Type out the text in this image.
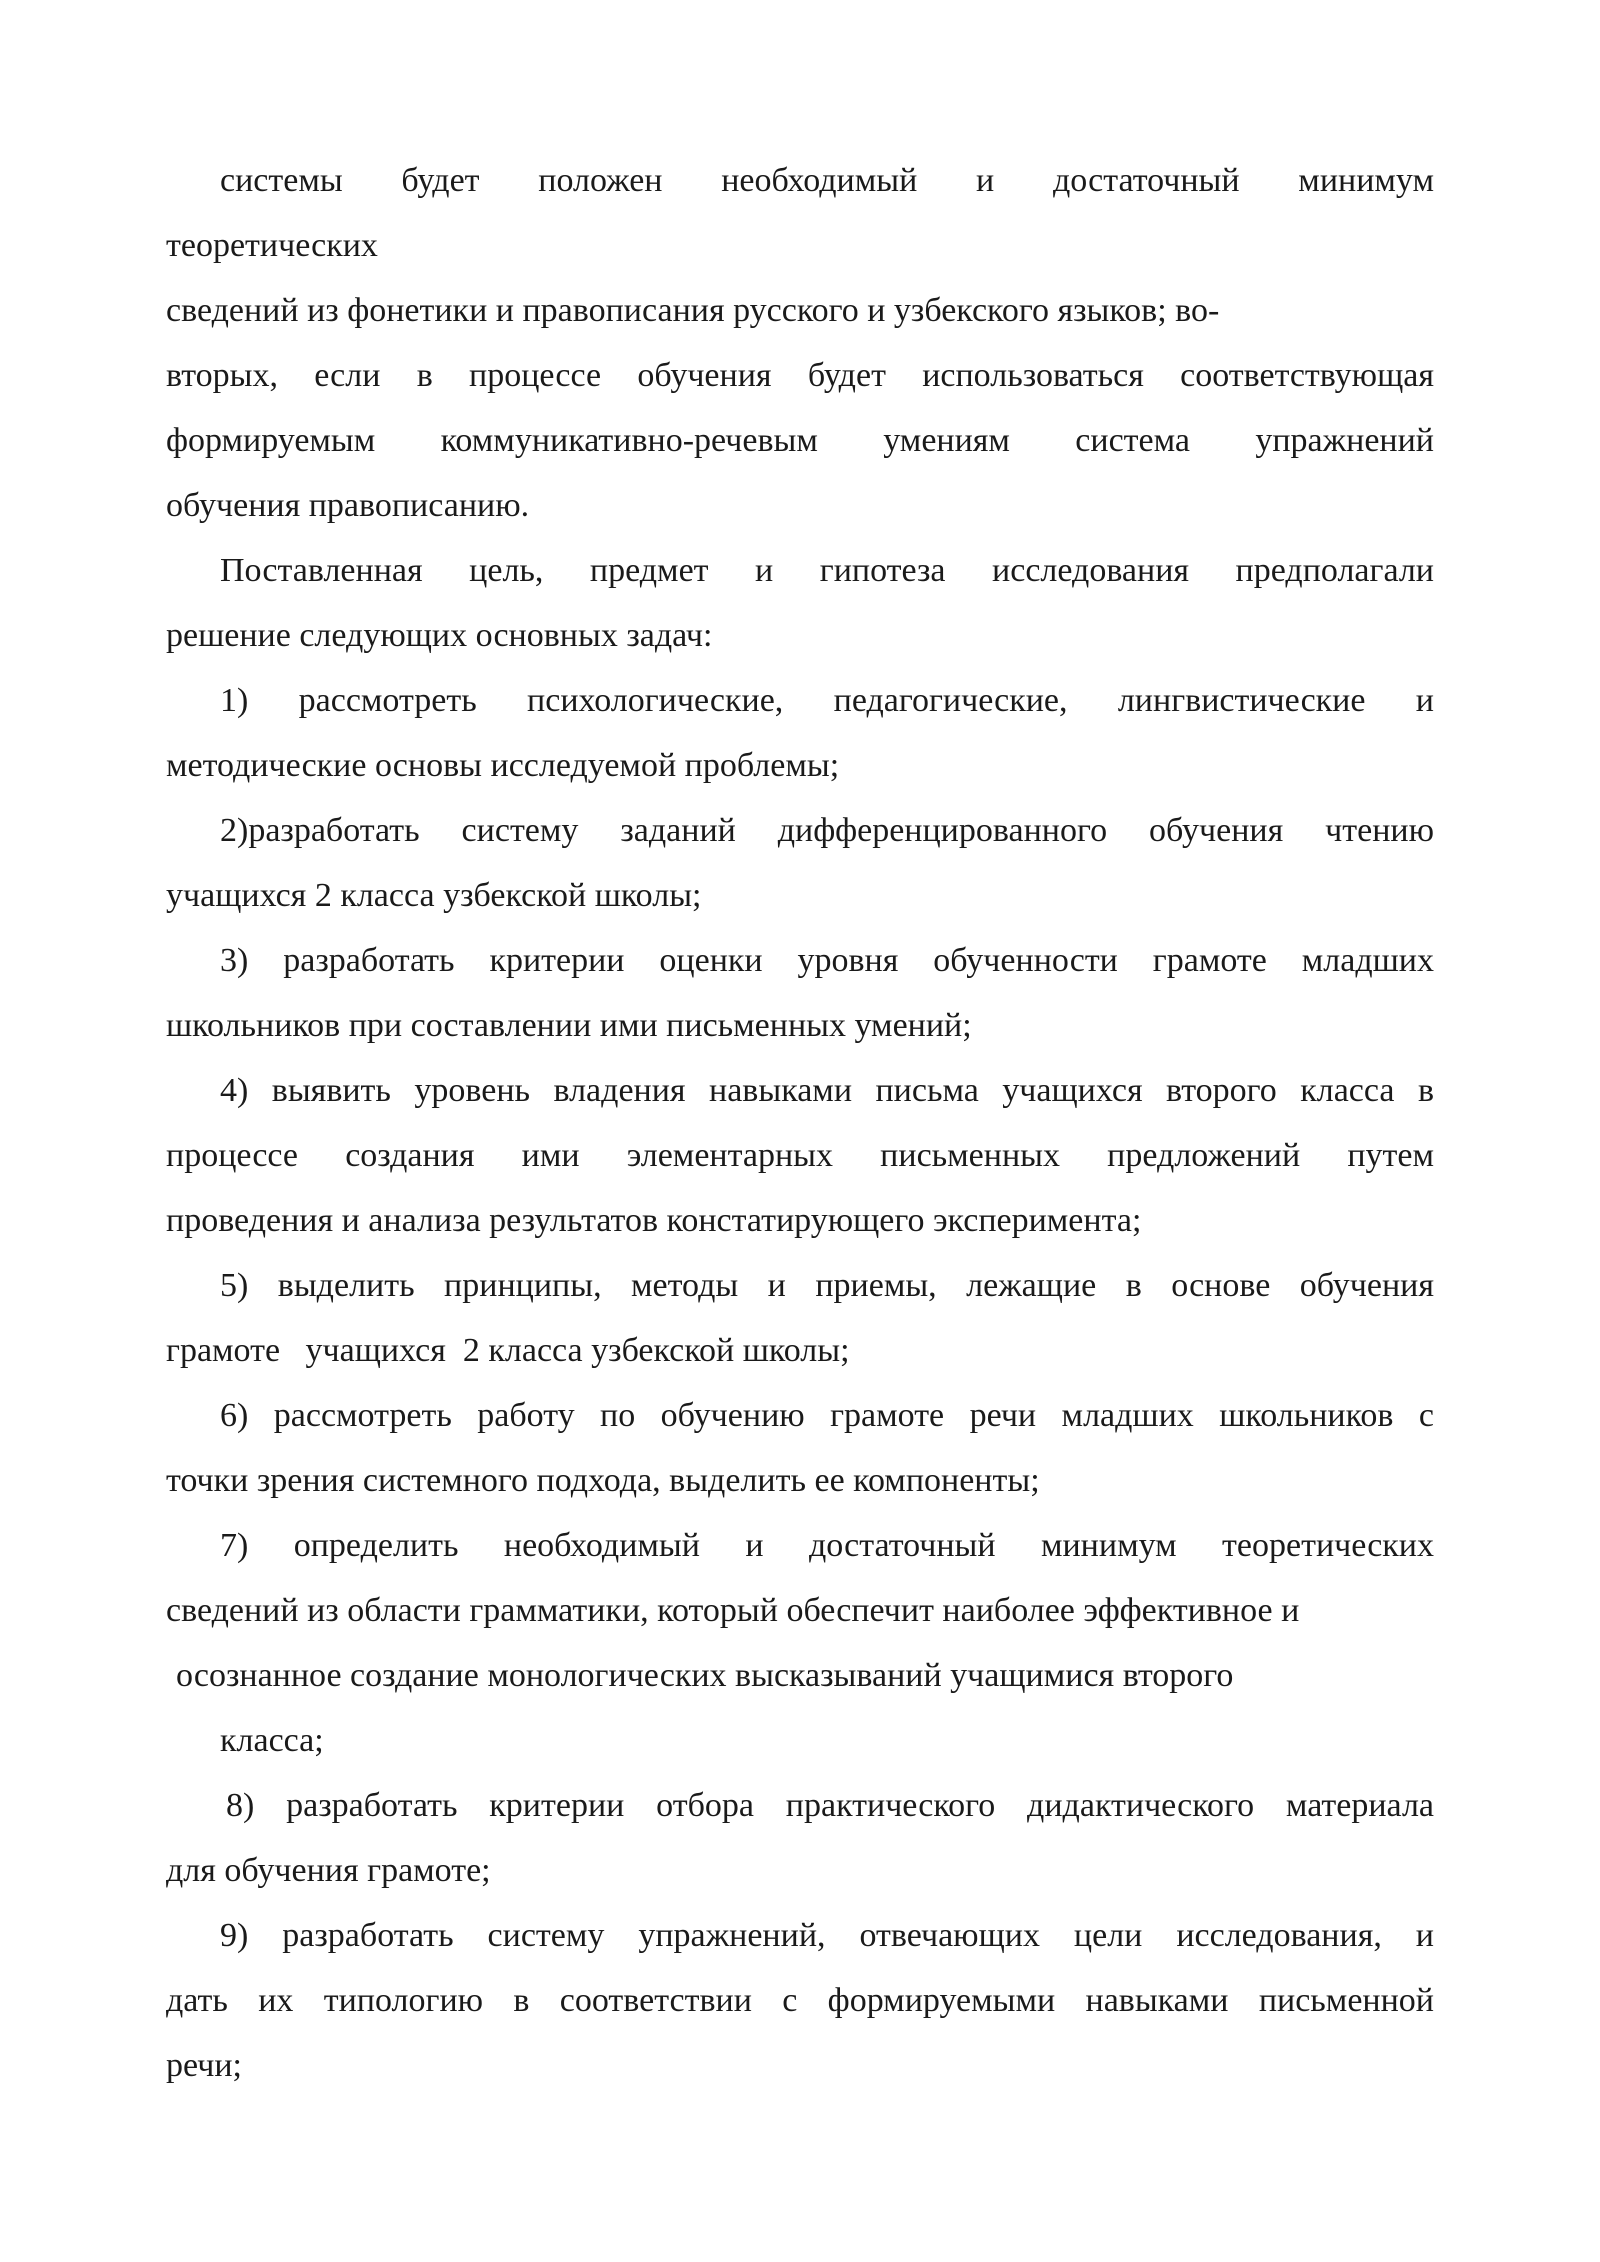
системы будет положен необходимый и достаточный минимум
теоретических
сведений из фонетики и правописания русского и узбекского языков; во-
вторых, если в процессе обучения будет использоваться соответствующая
формируемым коммуникативно-речевым умениям система упражнений
обучения правописанию.
Поставленная цель, предмет и гипотеза исследования предполагали
решение следующих основных задач:
1) рассмотреть психологические, педагогические, лингвистические и
методические основы исследуемой проблемы;
2)разработать систему заданий дифференцированного обучения чтению
учащихся 2 класса узбекской школы;
3) разработать критерии оценки уровня обученности грамоте младших
школьников при составлении ими письменных умений;
4) выявить уровень владения навыками письма учащихся второго класса в
процессе создания ими элементарных письменных предложений путем
проведения и анализа результатов констатирующего эксперимента;
5) выделить принципы, методы и приемы, лежащие в основе обучения
грамоте   учащихся  2 класса узбекской школы;
6) рассмотреть работу по обучению грамоте речи младших школьников с
точки зрения системного подхода, выделить ее компоненты;
7) определить необходимый и достаточный минимум теоретических
сведений из области грамматики, который обеспечит наиболее эффективное и
осознанное создание монологических высказываний учащимися второго
класса;
8) разработать критерии отбора практического дидактического материала
для обучения грамоте;
9) разработать систему упражнений, отвечающих цели исследования, и
дать их типологию в соответствии с формируемыми навыками письменной
речи;
